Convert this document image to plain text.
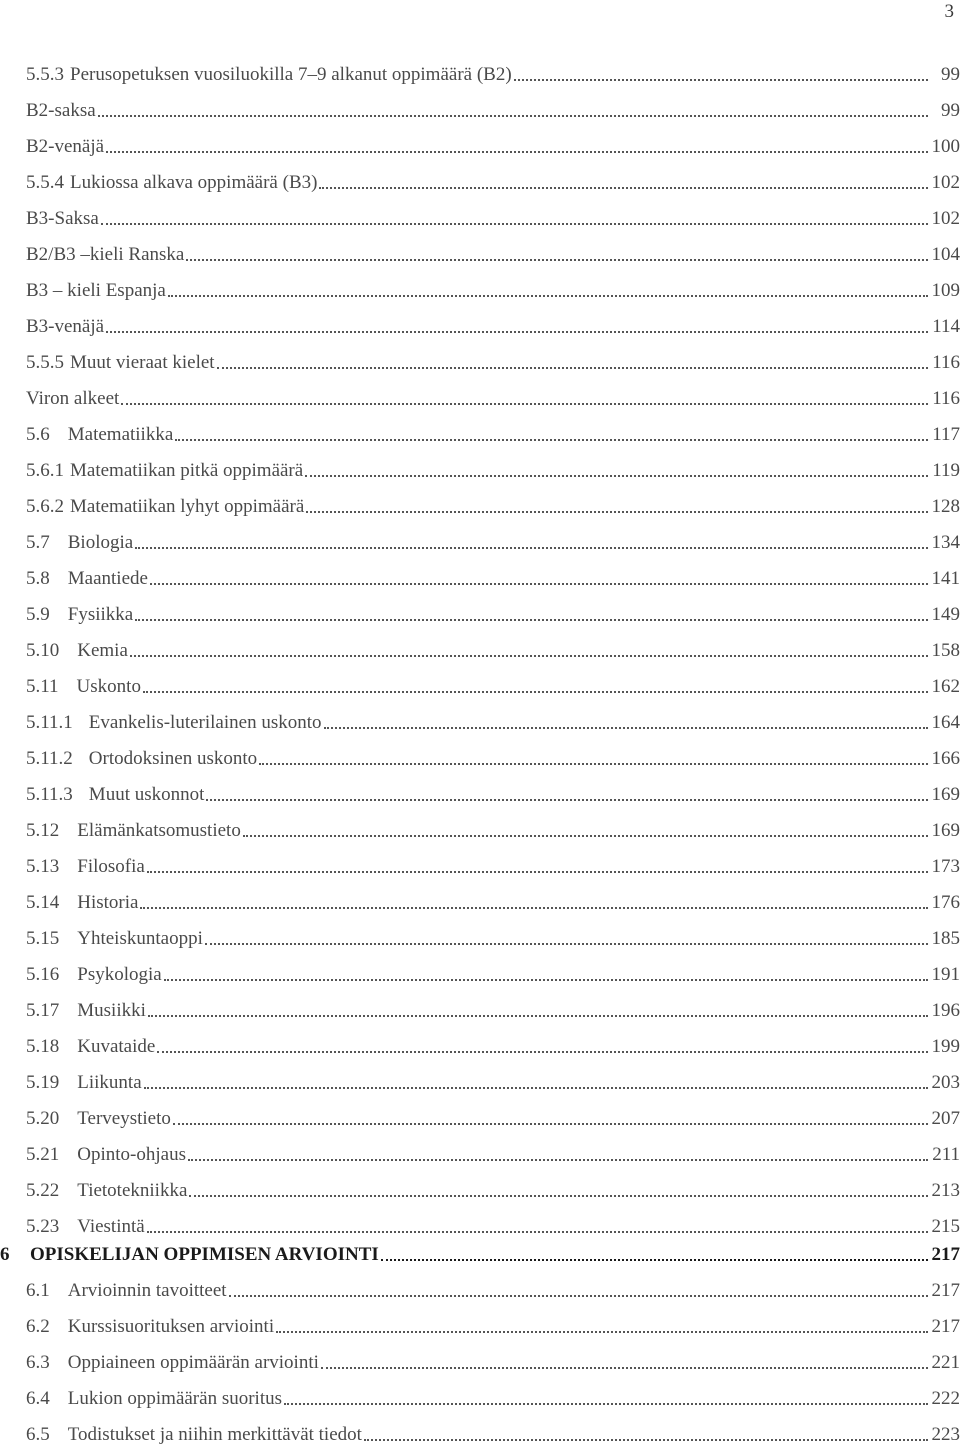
3
5.5.3 Perusopetuksen vuosiluokilla 7–9 alkanut oppimäärä (B2)	99
B2-saksa	99
B2-venäjä	100
5.5.4 Lukiossa alkava oppimäärä (B3)	102
B3-Saksa	102
B2/B3 –kieli Ranska	104
B3 – kieli Espanja	109
B3-venäjä	114
5.5.5 Muut vieraat kielet	116
Viron alkeet	116
5.6 Matematiikka	117
5.6.1 Matematiikan pitkä oppimäärä	119
5.6.2 Matematiikan lyhyt oppimäärä	128
5.7 Biologia	134
5.8 Maantiede	141
5.9 Fysiikka	149
5.10 Kemia	158
5.11 Uskonto	162
5.11.1 Evankelis-luterilainen uskonto	164
5.11.2 Ortodoksinen uskonto	166
5.11.3 Muut uskonnot	169
5.12 Elämänkatsomustieto	169
5.13 Filosofia	173
5.14 Historia	176
5.15 Yhteiskuntaoppi	185
5.16 Psykologia	191
5.17 Musiikki	196
5.18 Kuvataide	199
5.19 Liikunta	203
5.20 Terveystieto	207
5.21 Opinto-ohjaus	211
5.22 Tietotekniikka	213
5.23 Viestintä	215
6	OPISKELIJAN OPPIMISEN ARVIOINTI	217
6.1 Arvioinnin tavoitteet	217
6.2 Kurssisuorituksen arviointi	217
6.3 Oppiaineen oppimäärän arviointi	221
6.4 Lukion oppimäärän suoritus	222
6.5 Todistukset ja niihin merkittävät tiedot	223
